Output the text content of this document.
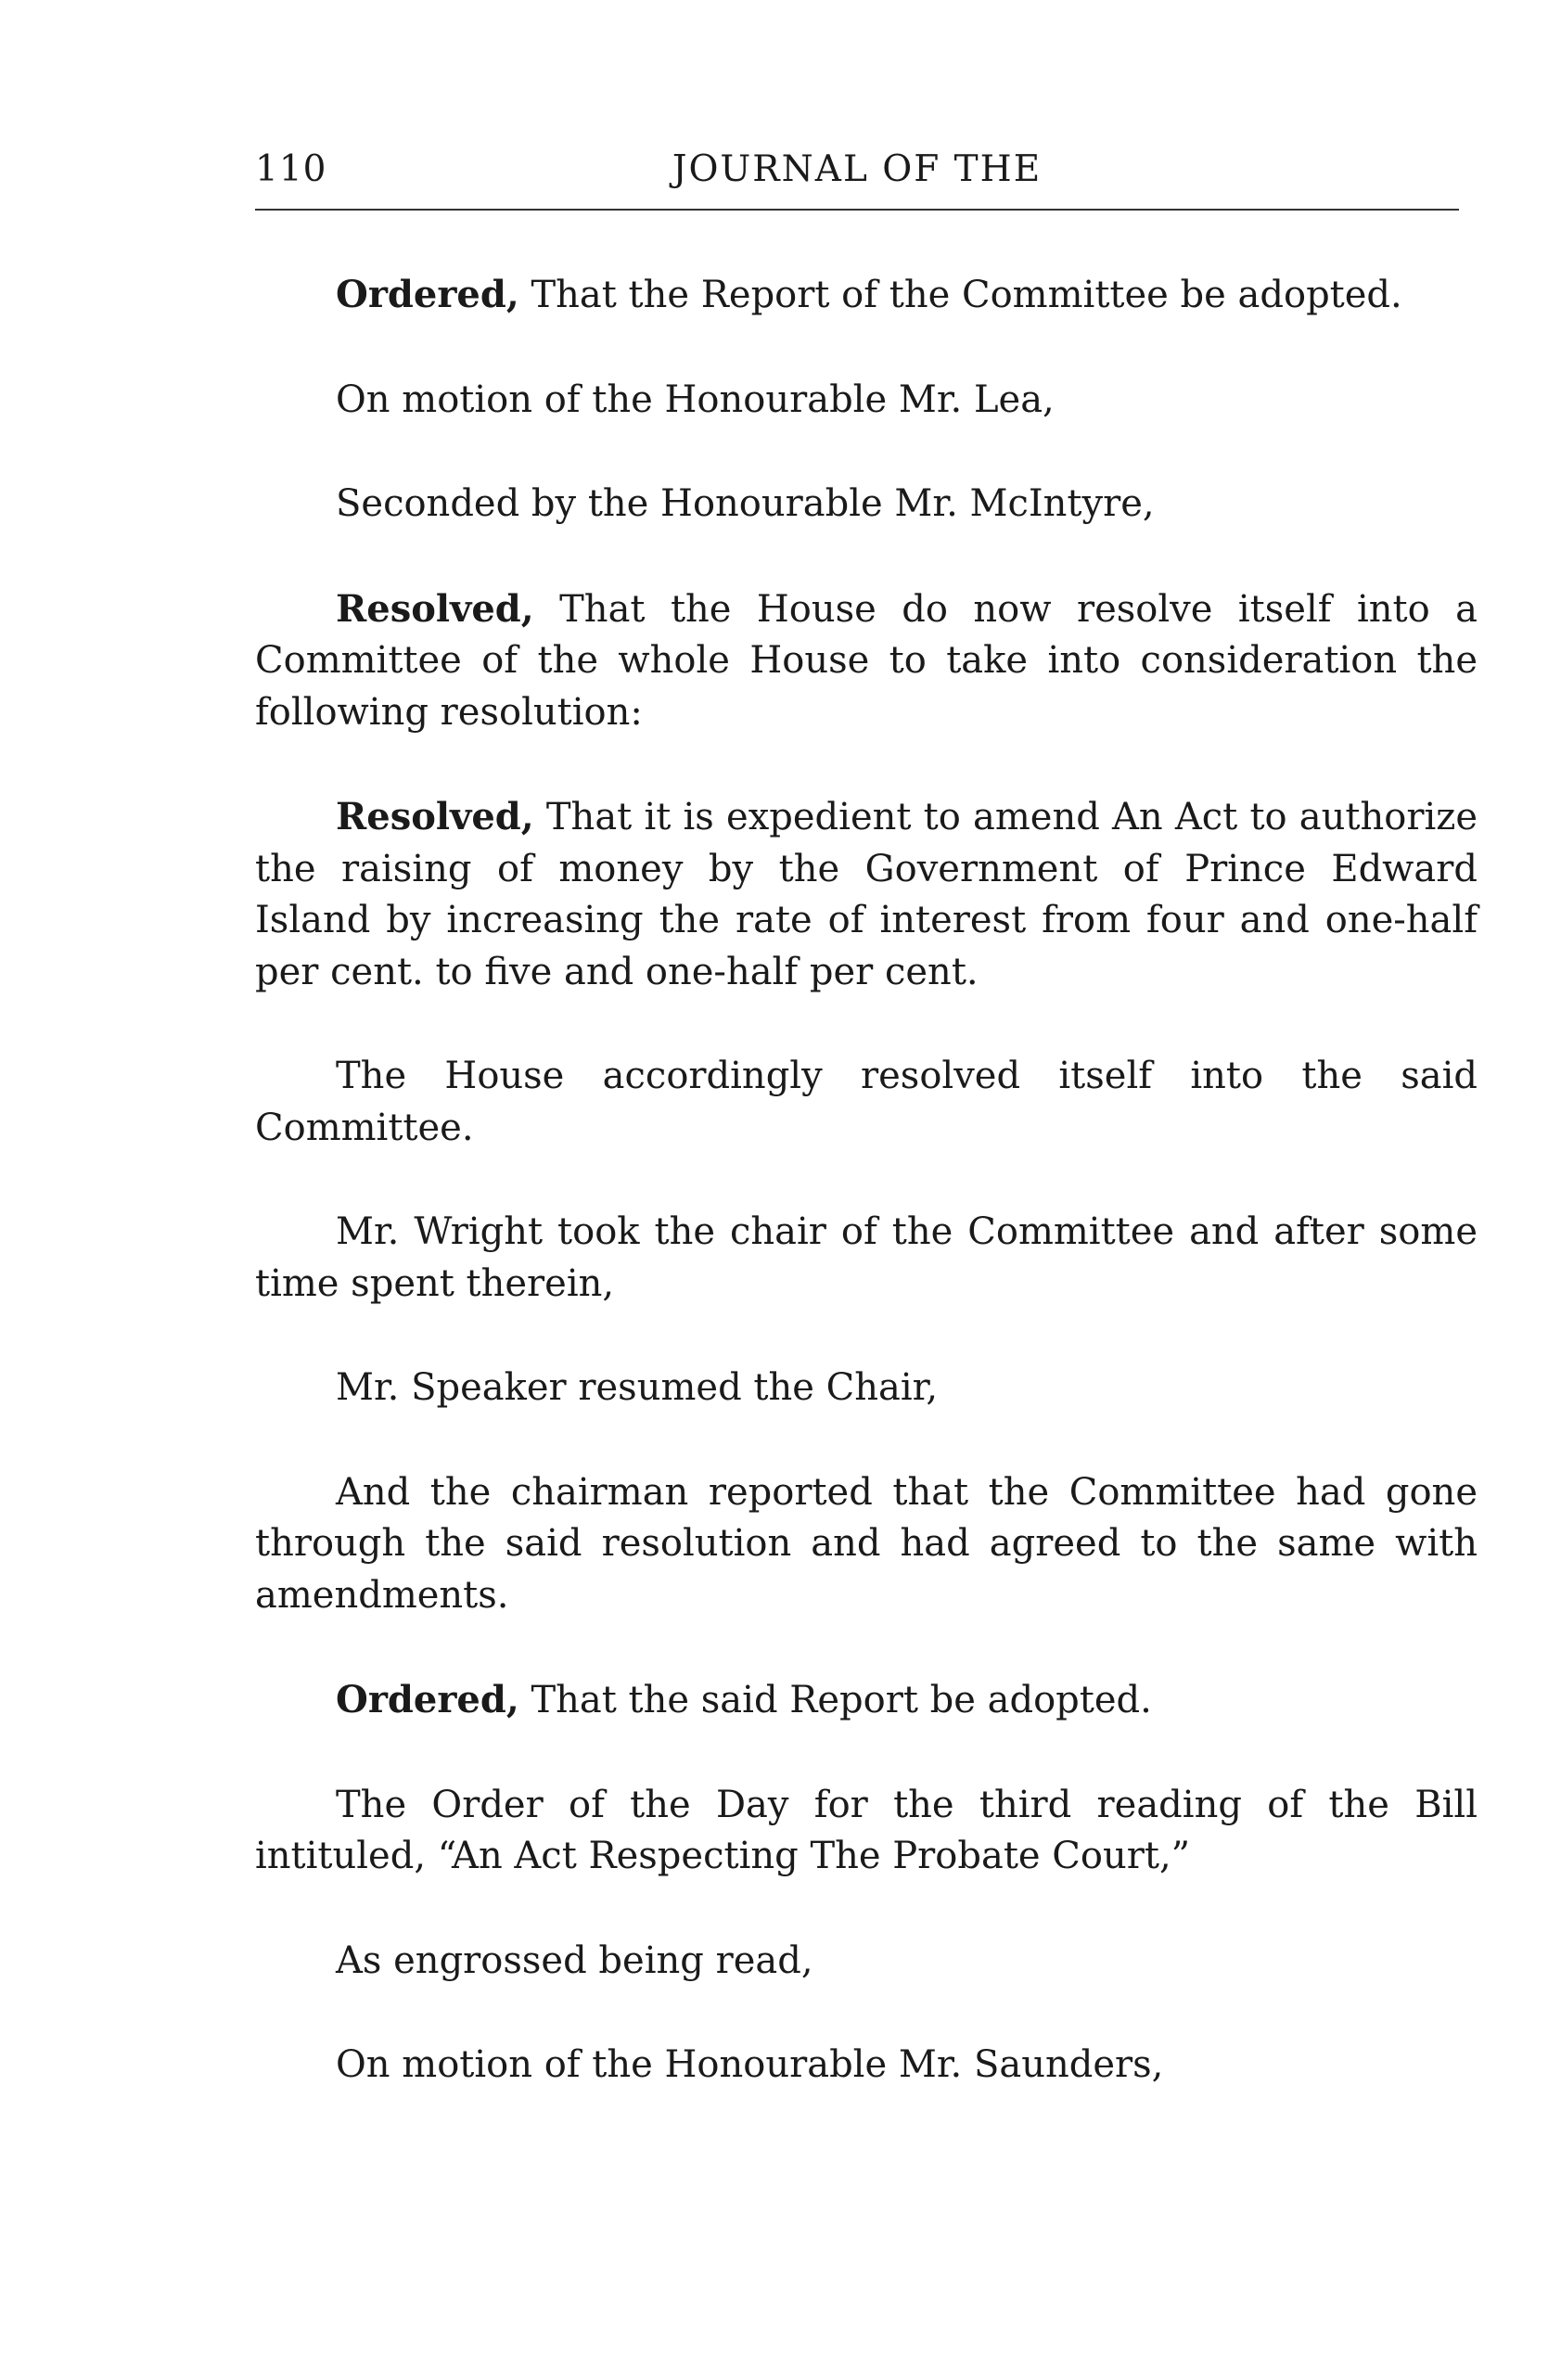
110	JOURNAL OF THE

Ordered, That the Report of the Committee be adopted.

On motion of the Honourable Mr. Lea,

Seconded by the Honourable Mr. McIntyre,

Resolved, That the House do now resolve itself into a Committee of the whole House to take into consideration the following resolution:

Resolved, That it is expedient to amend An Act to authorize the raising of money by the Government of Prince Edward Island by increasing the rate of interest from four and one-half per cent. to five and one-half per cent.

The House accordingly resolved itself into the said Committee.

Mr. Wright took the chair of the Committee and after some time spent therein,

Mr. Speaker resumed the Chair,

And the chairman reported that the Committee had gone through the said resolution and had agreed to the same with amendments.

Ordered, That the said Report be adopted.

The Order of the Day for the third reading of the Bill intituled, “An Act Respecting The Probate Court,”

As engrossed being read,

On motion of the Honourable Mr. Saunders,
